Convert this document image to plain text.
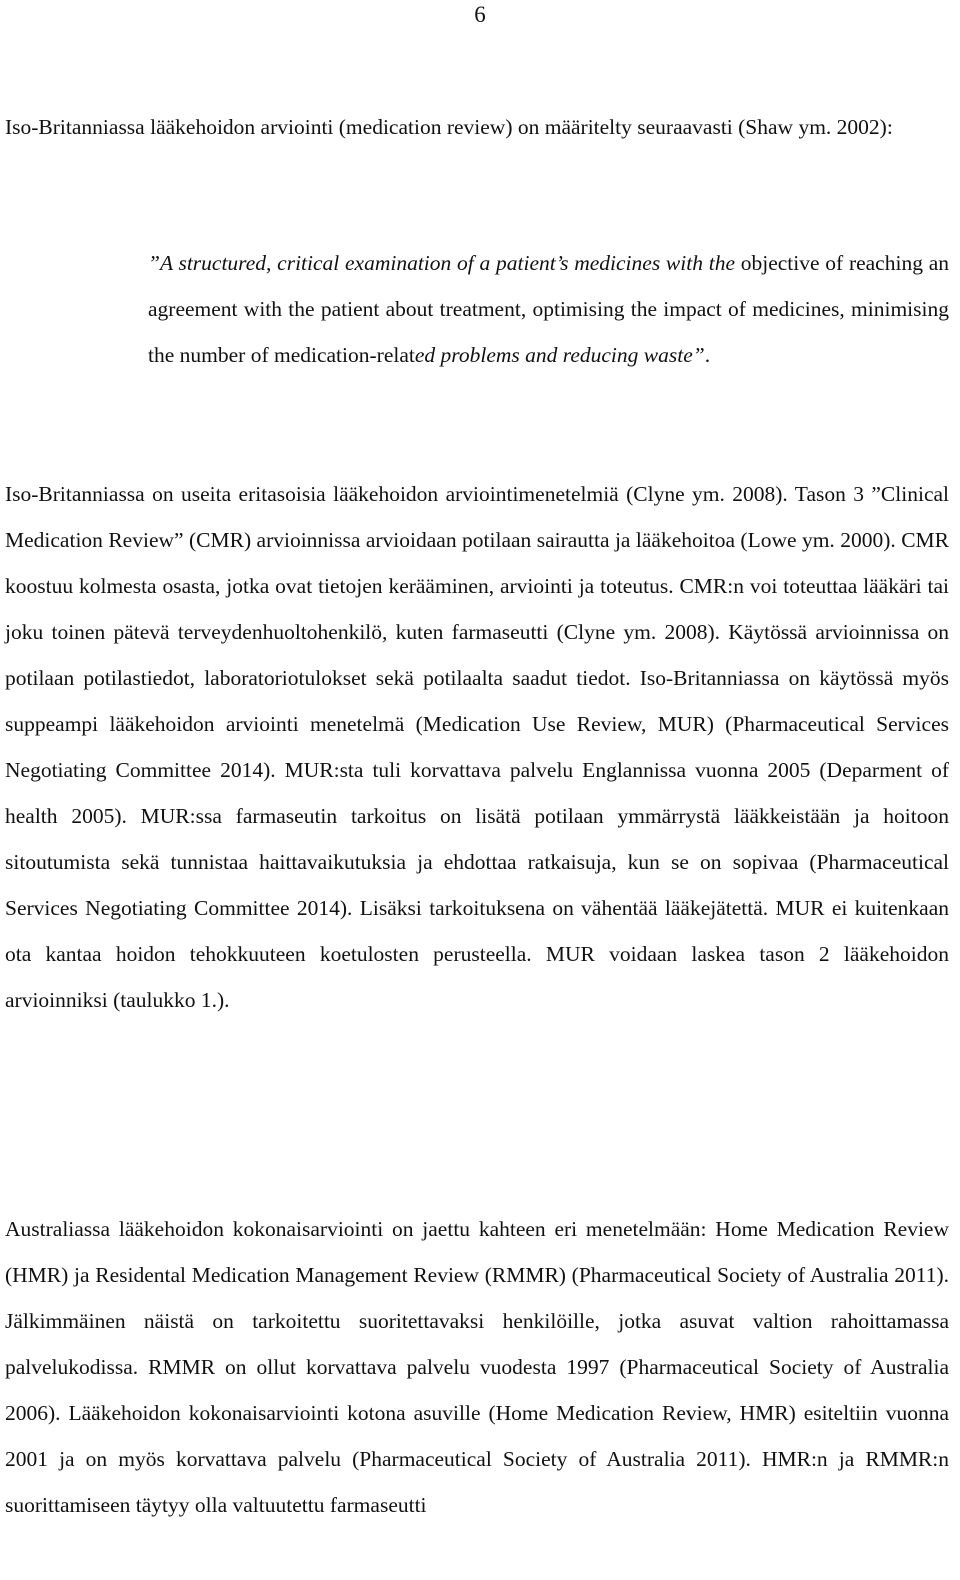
6

Iso-Britanniassa lääkehoidon arviointi (medication review) on määritelty seuraavasti (Shaw ym. 2002):

”A structured, critical examination of a patient’s medicines with the objective of reaching an agreement with the patient about treatment, optimising the impact of medicines, minimising the number of medication-related problems and reducing waste”.

Iso-Britanniassa on useita eritasoisia lääkehoidon arviointimenetelmiä (Clyne ym. 2008). Tason 3 ”Clinical Medication Review” (CMR) arvioinnissa arvioidaan potilaan sairautta ja lääkehoitoa (Lowe ym. 2000). CMR koostuu kolmesta osasta, jotka ovat tietojen kerääminen, arviointi ja toteutus. CMR:n voi toteuttaa lääkäri tai joku toinen pätevä terveydenhuoltohenkilö, kuten farmaseutti (Clyne ym. 2008). Käytössä arvioinnissa on potilaan potilastiedot, laboratoriotulokset sekä potilaalta saadut tiedot. Iso-Britanniassa on käytössä myös suppeampi lääkehoidon arviointi menetelmä (Medication Use Review, MUR) (Pharmaceutical Services Negotiating Committee 2014). MUR:sta tuli korvattava palvelu Englannissa vuonna 2005 (Deparment of health 2005). MUR:ssa farmaseutin tarkoitus on lisätä potilaan ymmärrystä lääkkeistään ja hoitoon sitoutumista sekä tunnistaa haittavaikutuksia ja ehdottaa ratkaisuja, kun se on sopivaa (Pharmaceutical Services Negotiating Committee 2014). Lisäksi tarkoituksena on vähentää lääkejätettä. MUR ei kuitenkaan ota kantaa hoidon tehokkuuteen koetulosten perusteella. MUR voidaan laskea tason 2 lääkehoidon arvioinniksi (taulukko 1.).

Australiassa lääkehoidon kokonaisarviointi on jaettu kahteen eri menetelmään: Home Medication Review (HMR) ja Residental Medication Management Review (RMMR) (Pharmaceutical Society of Australia 2011). Jälkimmäinen näistä on tarkoitettu suoritettavaksi henkilöille, jotka asuvat valtion rahoittamassa palvelukodissa. RMMR on ollut korvattava palvelu vuodesta 1997 (Pharmaceutical Society of Australia 2006). Lääkehoidon kokonaisarviointi kotona asuville (Home Medication Review, HMR) esiteltiin vuonna 2001 ja on myös korvattava palvelu (Pharmaceutical Society of Australia 2011). HMR:n ja RMMR:n suorittamiseen täytyy olla valtuutettu farmaseutti
